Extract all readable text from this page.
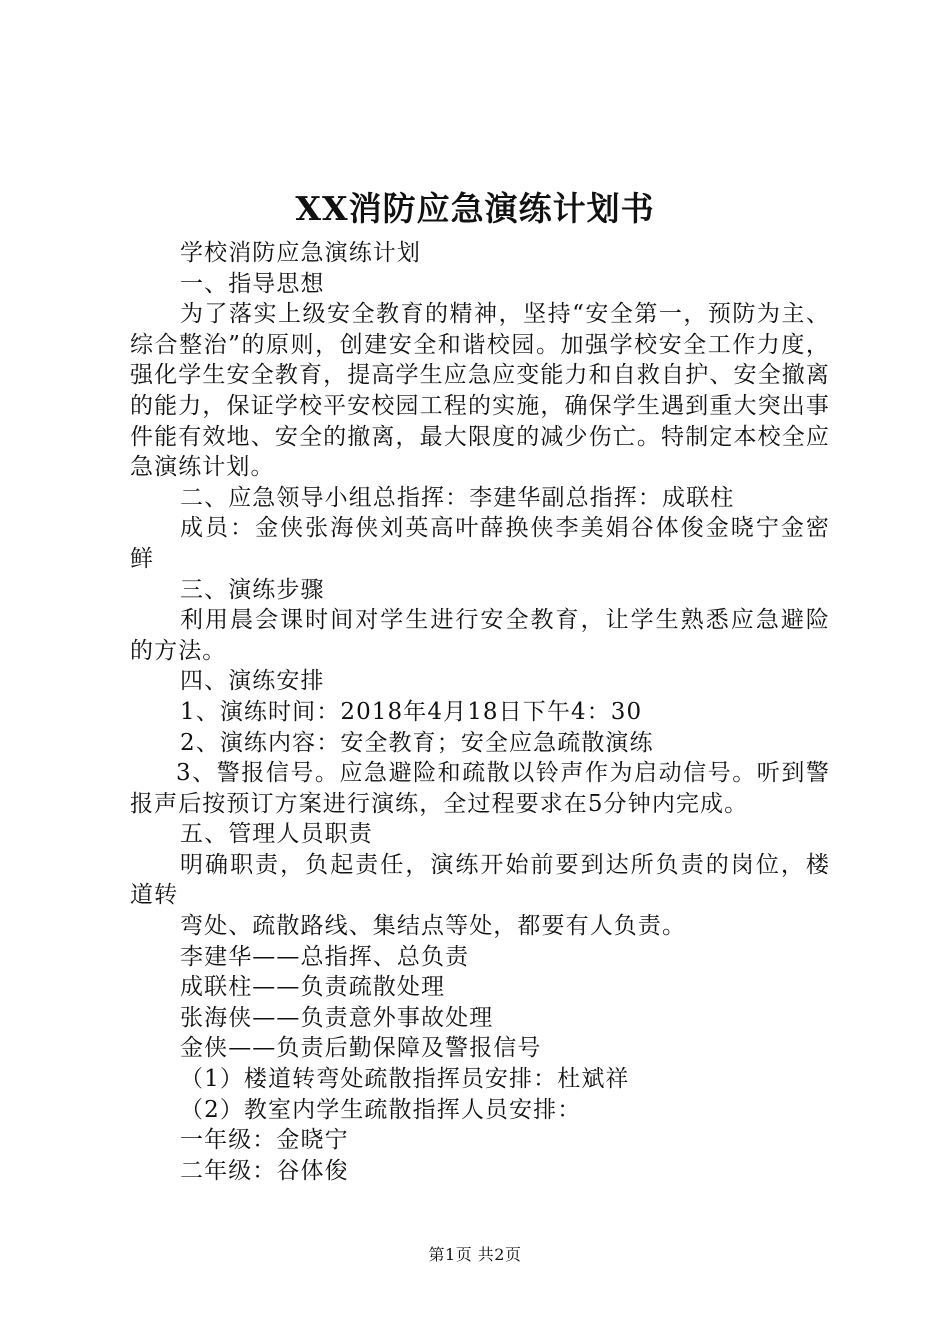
XX消防应急演练计划书

学校消防应急演练计划

一、指导思想

为了落实上级安全教育的精神，坚持“安全第一，预防为主、综合整治”的原则，创建安全和谐校园。加强学校安全工作力度，强化学生安全教育，提高学生应急应变能力和自救自护、安全撤离的能力，保证学校平安校园工程的实施，确保学生遇到重大突出事件能有效地、安全的撤离，最大限度的减少伤亡。特制定本校全应急演练计划。

二、应急领导小组总指挥：李建华副总指挥：成联柱

成员：金侠张海侠刘英高叶薛换侠李美娟谷体俊金晓宁金密鲜

三、演练步骤

利用晨会课时间对学生进行安全教育，让学生熟悉应急避险的方法。

四、演练安排

1、演练时间：2018年4月18日下午4：30

2、演练内容：安全教育；安全应急疏散演练

3、警报信号。应急避险和疏散以铃声作为启动信号。听到警报声后按预订方案进行演练，全过程要求在5分钟内完成。

五、管理人员职责

明确职责，负起责任，演练开始前要到达所负责的岗位，楼道转

弯处、疏散路线、集结点等处，都要有人负责。

李建华——总指挥、总负责

成联柱——负责疏散处理

张海侠——负责意外事故处理

金侠——负责后勤保障及警报信号

（1）楼道转弯处疏散指挥员安排：杜斌祥

（2）教室内学生疏散指挥人员安排：

一年级：金晓宁

二年级：谷体俊

第1页 共2页
